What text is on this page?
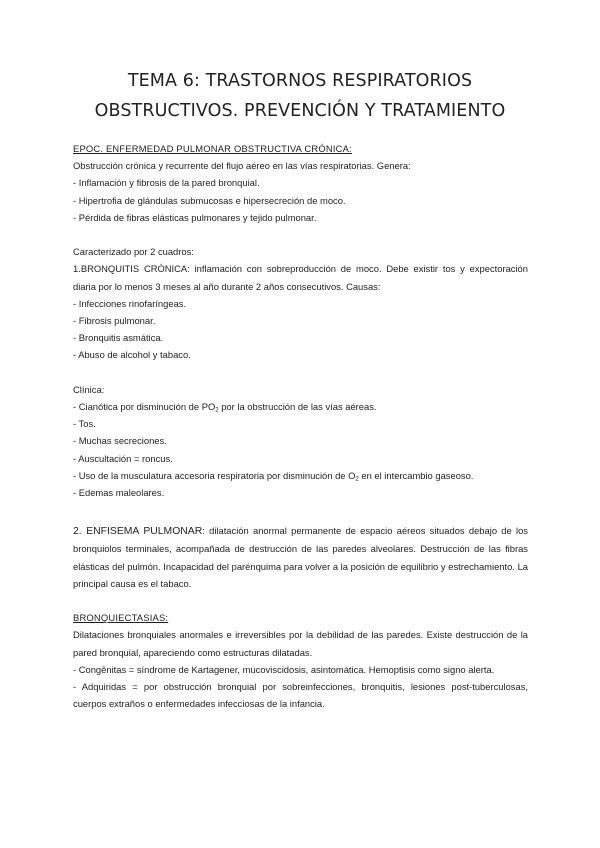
TEMA 6: TRASTORNOS RESPIRATORIOS
OBSTRUCTIVOS. PREVENCIÓN Y TRATAMIENTO

EPOC. ENFERMEDAD PULMONAR OBSTRUCTIVA CRÓNICA:

Obstrucción crónica y recurrente del flujo aéreo en las vías respiratorias. Genera:

- Inflamación y fibrosis de la pared bronquial.

- Hipertrofia de glándulas submucosas e hipersecreción de moco.

- Pérdida de fibras elásticas pulmonares y tejido pulmonar.

Caracterizado por 2 cuadros:

1.BRONQUITIS CRÓNICA: inflamación con sobreproducción de moco. Debe existir tos y expectoración diaria por lo menos 3 meses al año durante 2 años consecutivos. Causas:

- Infecciones rinofaríngeas.

- Fibrosis pulmonar.

- Bronquitis asmática.

- Abuso de alcohol y tabaco.

Clínica:

- Cianótica por disminución de $PO_2$ por la obstrucción de las vías aéreas.

- Tos.

- Muchas secreciones.

- Auscultación = roncus.

- Uso de la musculatura accesoria respiratoria por disminución de $O_2$ en el intercambio gaseoso.

- Edemas maleolares.

2. ENFISEMA PULMONAR: dilatación anormal permanente de espacio aéreos situados debajo de los bronquiolos terminales, acompañada de destrucción de las paredes alveolares. Destrucción de las fibras elásticas del pulmón. Incapacidad del parénquima para volver a la posición de equilibrio y estrechamiento. La principal causa es el tabaco.

BRONQUIECTASIAS:

Dilataciones bronquiales anormales e irreversibles por la debilidad de las paredes. Existe destrucción de la pared bronquial, apareciendo como estructuras dilatadas.

- Congênitas = síndrome de Kartagener, mucoviscidosis, asintomática. Hemoptisis como signo alerta.

- Adquiridas = por obstrucción bronquial por sobreinfecciones, bronquitis, lesiones post-tuberculosas, cuerpos extraños o enfermedades infecciosas de la infancia.
